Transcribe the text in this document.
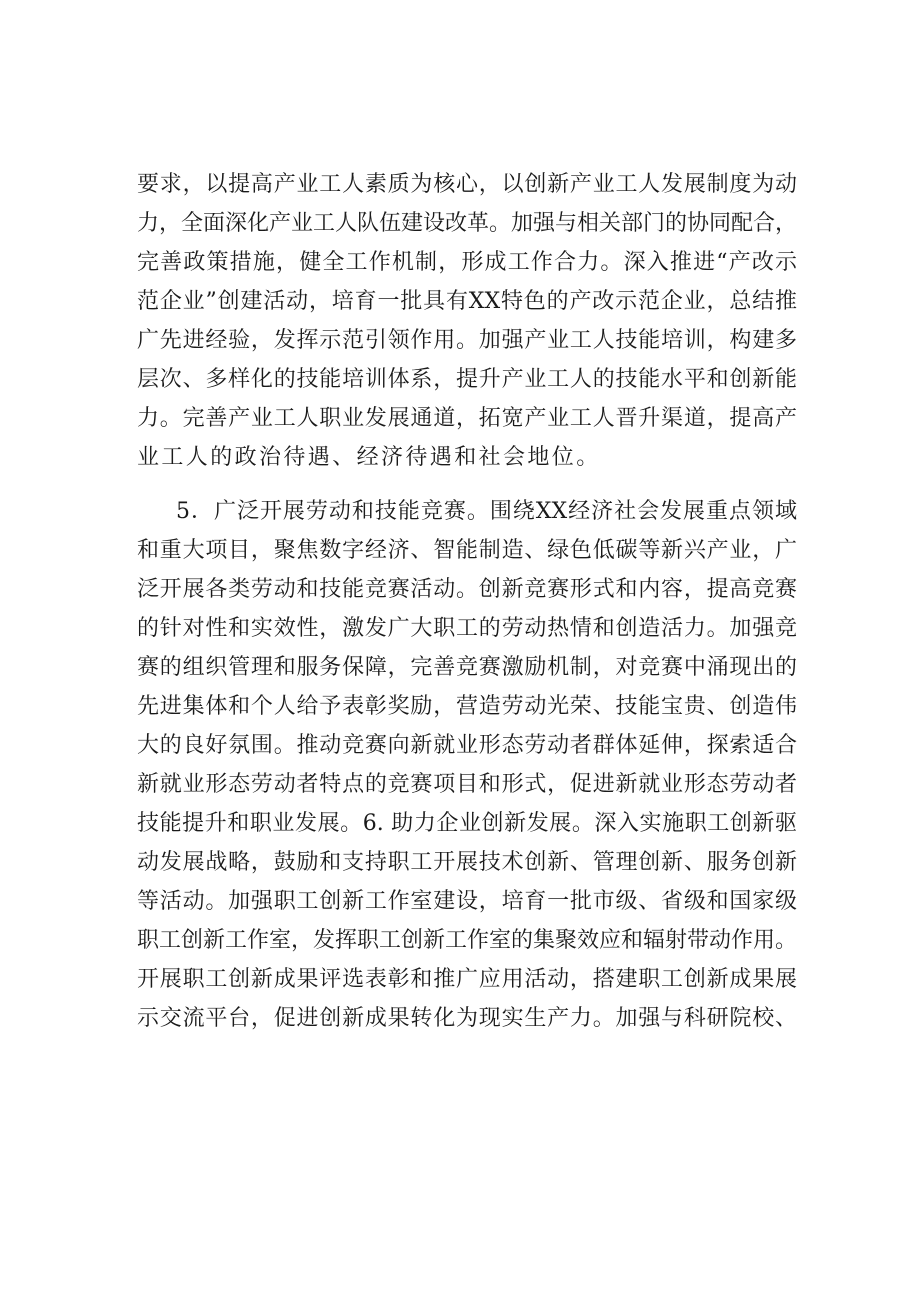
要求，以提高产业工人素质为核心，以创新产业工人发展制度为动
力，全面深化产业工人队伍建设改革。加强与相关部门的协同配合，
完善政策措施，健全工作机制，形成工作合力。深入推进“产改示
范企业”创建活动，培育一批具有XX特色的产改示范企业，总结推
广先进经验，发挥示范引领作用。加强产业工人技能培训，构建多
层次、多样化的技能培训体系，提升产业工人的技能水平和创新能
力。完善产业工人职业发展通道，拓宽产业工人晋升渠道，提高产
业工人的政治待遇、经济待遇和社会地位。
5．广泛开展劳动和技能竞赛。围绕XX经济社会发展重点领域
和重大项目，聚焦数字经济、智能制造、绿色低碳等新兴产业，广
泛开展各类劳动和技能竞赛活动。创新竞赛形式和内容，提高竞赛
的针对性和实效性，激发广大职工的劳动热情和创造活力。加强竞
赛的组织管理和服务保障，完善竞赛激励机制，对竞赛中涌现出的
先进集体和个人给予表彰奖励，营造劳动光荣、技能宝贵、创造伟
大的良好氛围。推动竞赛向新就业形态劳动者群体延伸，探索适合
新就业形态劳动者特点的竞赛项目和形式，促进新就业形态劳动者
技能提升和职业发展。6. 助力企业创新发展。深入实施职工创新驱
动发展战略，鼓励和支持职工开展技术创新、管理创新、服务创新
等活动。加强职工创新工作室建设，培育一批市级、省级和国家级
职工创新工作室，发挥职工创新工作室的集聚效应和辐射带动作用。
开展职工创新成果评选表彰和推广应用活动，搭建职工创新成果展
示交流平台，促进创新成果转化为现实生产力。加强与科研院校、
